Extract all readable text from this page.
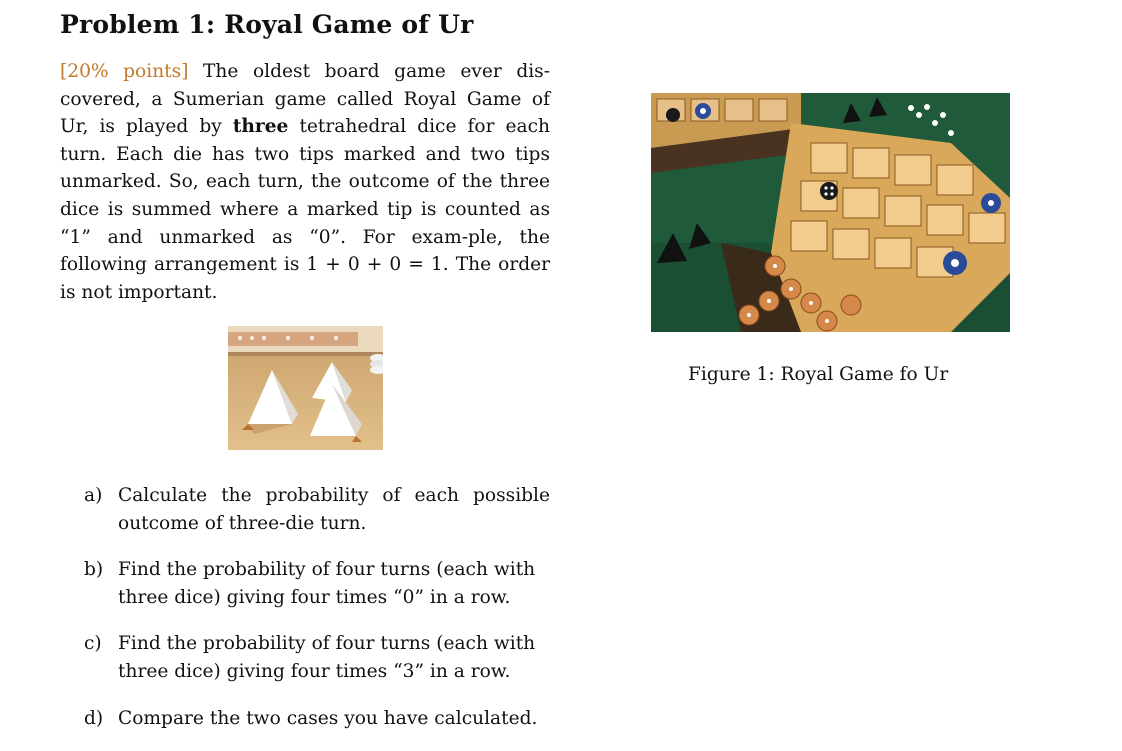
Problem 1: Royal Game of Ur
[20% points] The oldest board game ever dis-covered, a Sumerian game called Royal Game of Ur, is played by three tetrahedral dice for each turn. Each die has two tips marked and two tips unmarked. So, each turn, the outcome of the three dice is summed where a marked tip is counted as “1” and unmarked as “0”. For exam-ple, the following arrangement is 1 + 0 + 0 = 1. The order is not important.
Figure 1: Royal Game fo Ur
a) Calculate the probability of each possible outcome of three-die turn.
b) Find the probability of four turns (each with three dice) giving four times “0” in a row.
c) Find the probability of four turns (each with three dice) giving four times “3” in a row.
d) Compare the two cases you have calculated.
